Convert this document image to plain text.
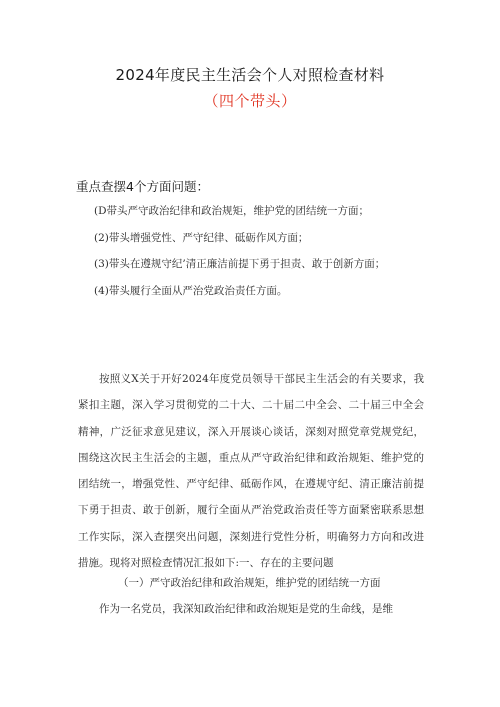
2024年度民主生活会个人对照检查材料
（四个带头）
重点查摆4个方面问题：
(D带头严守政治纪律和政治规矩，维护党的团结统一方面；
(2)带头增强党性、严守纪律、砥砺作风方面；
(3)带头在遵规守纪’清正廉洁前提下勇于担责、敢于创新方面；
(4)带头履行全面从严治党政治责任方面。

按照义X关于开好2024年度党员领导干部民主生活会的有关要求，我紧扣主题，深入学习贯彻党的二十大、二十届二中全会、二十届三中全会精神，广泛征求意见建议，深入开展谈心谈话，深刻对照党章党规党纪，围绕这次民主生活会的主题，重点从严守政治纪律和政治规矩、维护党的团结统一，增强党性、严守纪律、砥砺作风，在遵规守纪、清正廉洁前提下勇于担责、敢于创新，履行全面从严治党政治责任等方面紧密联系思想工作实际，深入查摆突出问题，深刻进行党性分析，明确努力方向和改进措施。现将对照检查情况汇报如下:一、存在的主要问题

（一）严守政治纪律和政治规矩，维护党的团结统一方面
作为一名党员，我深知政治纪律和政治规矩是党的生命线，是维
